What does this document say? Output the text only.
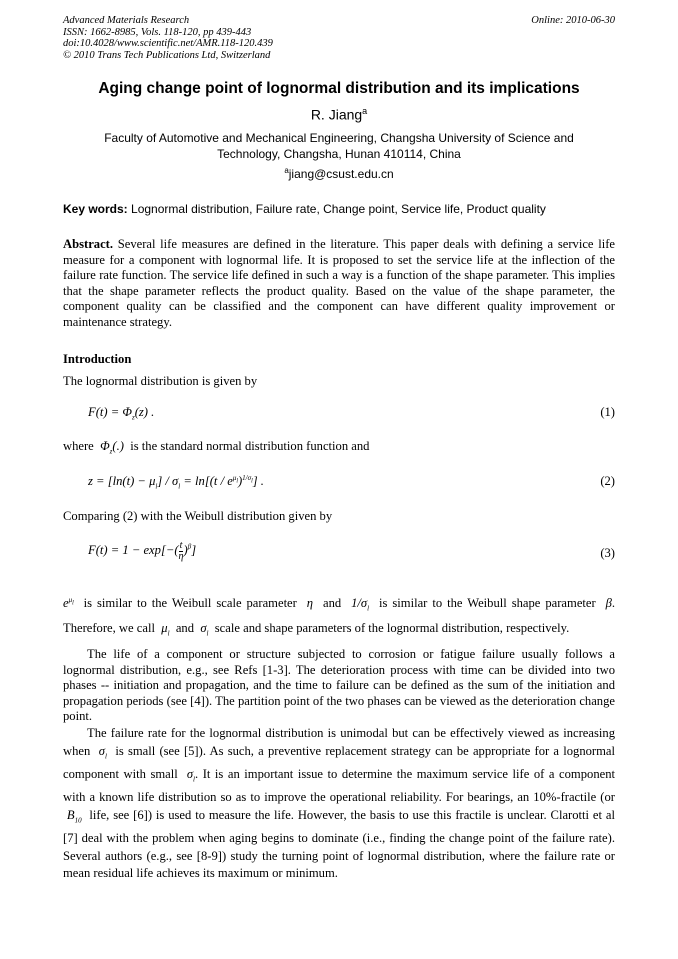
Advanced Materials Research
ISSN: 1662-8985, Vols. 118-120, pp 439-443
doi:10.4028/www.scientific.net/AMR.118-120.439
© 2010 Trans Tech Publications Ltd, Switzerland
Online: 2010-06-30
Aging change point of lognormal distribution and its implications
R. Jiang$^a$
Faculty of Automotive and Mechanical Engineering, Changsha University of Science and Technology, Changsha, Hunan 410114, China
$^a$jiang@csust.edu.cn
Key words: Lognormal distribution, Failure rate, Change point, Service life, Product quality
Abstract. Several life measures are defined in the literature. This paper deals with defining a service life measure for a component with lognormal life. It is proposed to set the service life at the inflection of the failure rate function. The service life defined in such a way is a function of the shape parameter. This implies that the shape parameter reflects the product quality. Based on the value of the shape parameter, the component quality can be classified and the component can have different quality improvement or maintenance strategy.
Introduction
The lognormal distribution is given by
$F(t) = \Phi_z(z)$ .	(1)
where $\Phi_z(.)$ is the standard normal distribution function and
$z = [\ln(t) - \mu_l] / \sigma_l = \ln[(t / e^{\mu_l})^{1/\sigma_l}]$ .	(2)
Comparing (2) with the Weibull distribution given by
$F(t) = 1 - \exp[-(\frac{t}{\eta})^\beta]$	(3)
$e^{\mu_l}$ is similar to the Weibull scale parameter η and $1/\sigma_l$ is similar to the Weibull shape parameter β. Therefore, we call $\mu_l$ and $\sigma_l$ scale and shape parameters of the lognormal distribution, respectively.
The life of a component or structure subjected to corrosion or fatigue failure usually follows a lognormal distribution, e.g., see Refs [1-3]. The deterioration process with time can be divided into two phases -- initiation and propagation, and the time to failure can be defined as the sum of the initiation and propagation periods (see [4]). The partition point of the two phases can be viewed as the deterioration change point.
The failure rate for the lognormal distribution is unimodal but can be effectively viewed as increasing when $\sigma_l$ is small (see [5]). As such, a preventive replacement strategy can be appropriate for a lognormal component with small $\sigma_l$. It is an important issue to determine the maximum service life of a component with a known life distribution so as to improve the operational reliability. For bearings, an 10%-fractile (or  $B_{10}$ life, see [6]) is used to measure the life. However, the basis to use this fractile is unclear. Clarotti et al [7] deal with the problem when aging begins to dominate (i.e., finding the change point of the failure rate). Several authors (e.g., see [8-9]) study the turning point of lognormal distribution, where the failure rate or mean residual life achieves its maximum or minimum.
